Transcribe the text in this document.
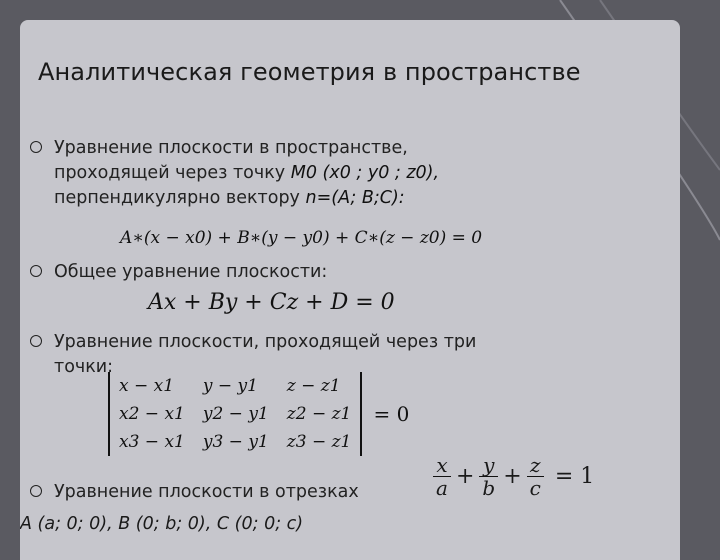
Аналитическая геометрия в пространстве
Уравнение плоскости в пространстве,
проходящей через точку M0 (x0 ; y0 ; z0),
перпендикулярно вектору n=(A; B;C):
A∗(x − x0) + B∗(y − y0) + C∗(z − z0) = 0
Общее уравнение плоскости:
Ax + By + Cz + D = 0
Уравнение плоскости, проходящей через три
точки:
x − x1	y − y1	z − z1
x2 − x1	y2 − y1	z2 − z1
x3 − x1	y3 − y1	z3 − z1 = 0
Уравнение плоскости в отрезках
A (a; 0; 0), B (0; b; 0), C (0; 0; c)
$\frac{x}{a} + \frac{y}{b} + \frac{z}{c} = 1$
